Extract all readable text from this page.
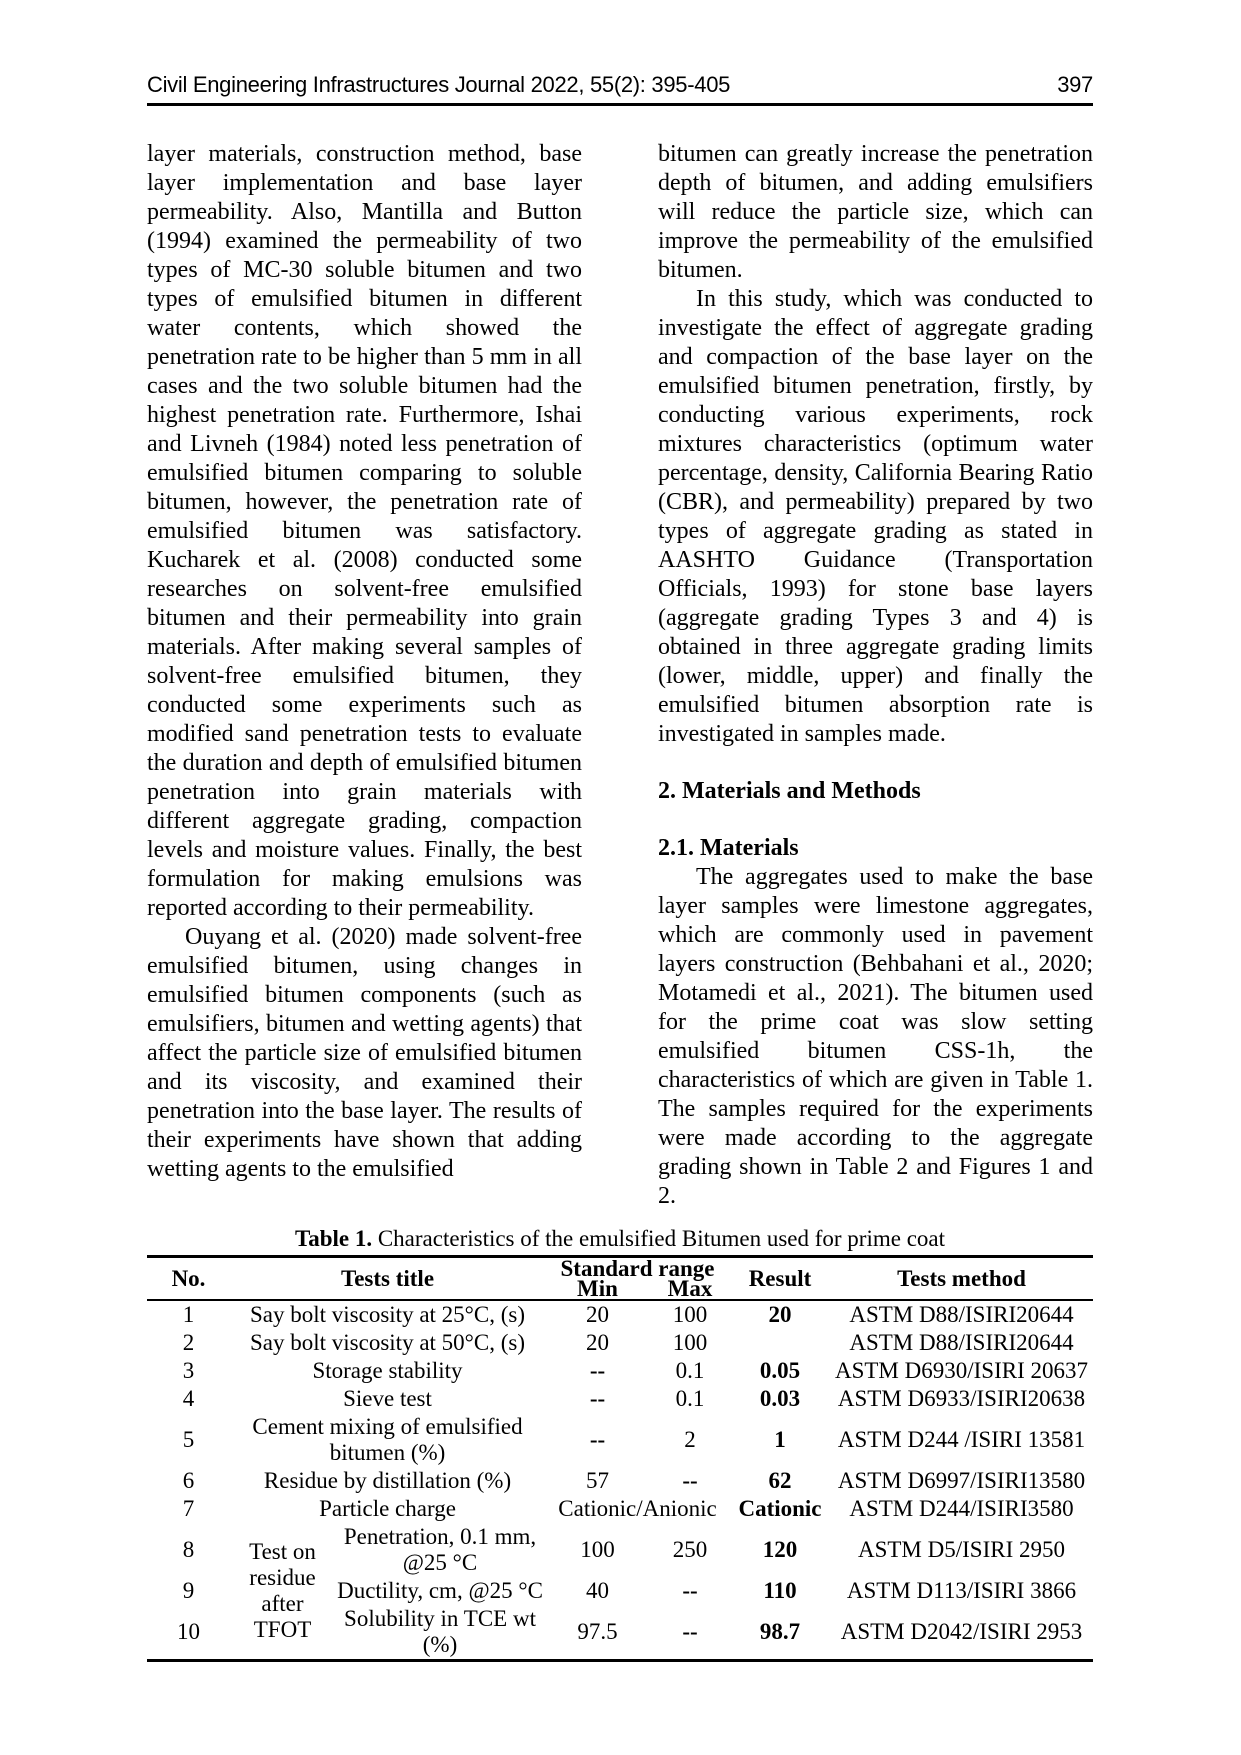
Civil Engineering Infrastructures Journal 2022, 55(2): 395-405	397

layer materials, construction method, base layer implementation and base layer permeability. Also, Mantilla and Button (1994) examined the permeability of two types of MC-30 soluble bitumen and two types of emulsified bitumen in different water contents, which showed the penetration rate to be higher than 5 mm in all cases and the two soluble bitumen had the highest penetration rate. Furthermore, Ishai and Livneh (1984) noted less penetration of emulsified bitumen comparing to soluble bitumen, however, the penetration rate of emulsified bitumen was satisfactory. Kucharek et al. (2008) conducted some researches on solvent-free emulsified bitumen and their permeability into grain materials. After making several samples of solvent-free emulsified bitumen, they conducted some experiments such as modified sand penetration tests to evaluate the duration and depth of emulsified bitumen penetration into grain materials with different aggregate grading, compaction levels and moisture values. Finally, the best formulation for making emulsions was reported according to their permeability.

Ouyang et al. (2020) made solvent-free emulsified bitumen, using changes in emulsified bitumen components (such as emulsifiers, bitumen and wetting agents) that affect the particle size of emulsified bitumen and its viscosity, and examined their penetration into the base layer. The results of their experiments have shown that adding wetting agents to the emulsified

bitumen can greatly increase the penetration depth of bitumen, and adding emulsifiers will reduce the particle size, which can improve the permeability of the emulsified bitumen.

In this study, which was conducted to investigate the effect of aggregate grading and compaction of the base layer on the emulsified bitumen penetration, firstly, by conducting various experiments, rock mixtures characteristics (optimum water percentage, density, California Bearing Ratio (CBR), and permeability) prepared by two types of aggregate grading as stated in AASHTO Guidance (Transportation Officials, 1993) for stone base layers (aggregate grading Types 3 and 4) is obtained in three aggregate grading limits (lower, middle, upper) and finally the emulsified bitumen absorption rate is investigated in samples made.

2. Materials and Methods
2.1. Materials

The aggregates used to make the base layer samples were limestone aggregates, which are commonly used in pavement layers construction (Behbahani et al., 2020; Motamedi et al., 2021). The bitumen used for the prime coat was slow setting emulsified bitumen CSS-1h, the characteristics of which are given in Table 1. The samples required for the experiments were made according to the aggregate grading shown in Table 2 and Figures 1 and 2.

Table 1. Characteristics of the emulsified Bitumen used for prime coat
No.	Tests title		Standard range		Result	Tests method
			Min	Max		
1	Say bolt viscosity at 25°C, (s)		20	100	20	ASTM D88/ISIRI20644
2	Say bolt viscosity at 50°C, (s)		20	100		ASTM D88/ISIRI20644
3	Storage stability		--	0.1	0.05	ASTM D6930/ISIRI 20637
4	Sieve test		--	0.1	0.03	ASTM D6933/ISIRI20638
5	Cement mixing of emulsified bitumen (%)		--	2	1	ASTM D244 /ISIRI 13581
6	Residue by distillation (%)		57	--	62	ASTM D6997/ISIRI13580
7	Particle charge		Cationic/Anionic		Cationic	ASTM D244/ISIRI3580
8	Test on residue after TFOT	Penetration, 0.1 mm, @25 °C	100	250	120	ASTM D5/ISIRI 2950
9		Ductility, cm, @25 °C	40	--	110	ASTM D113/ISIRI 3866
10		Solubility in TCE wt (%)	97.5	--	98.7	ASTM D2042/ISIRI 2953
